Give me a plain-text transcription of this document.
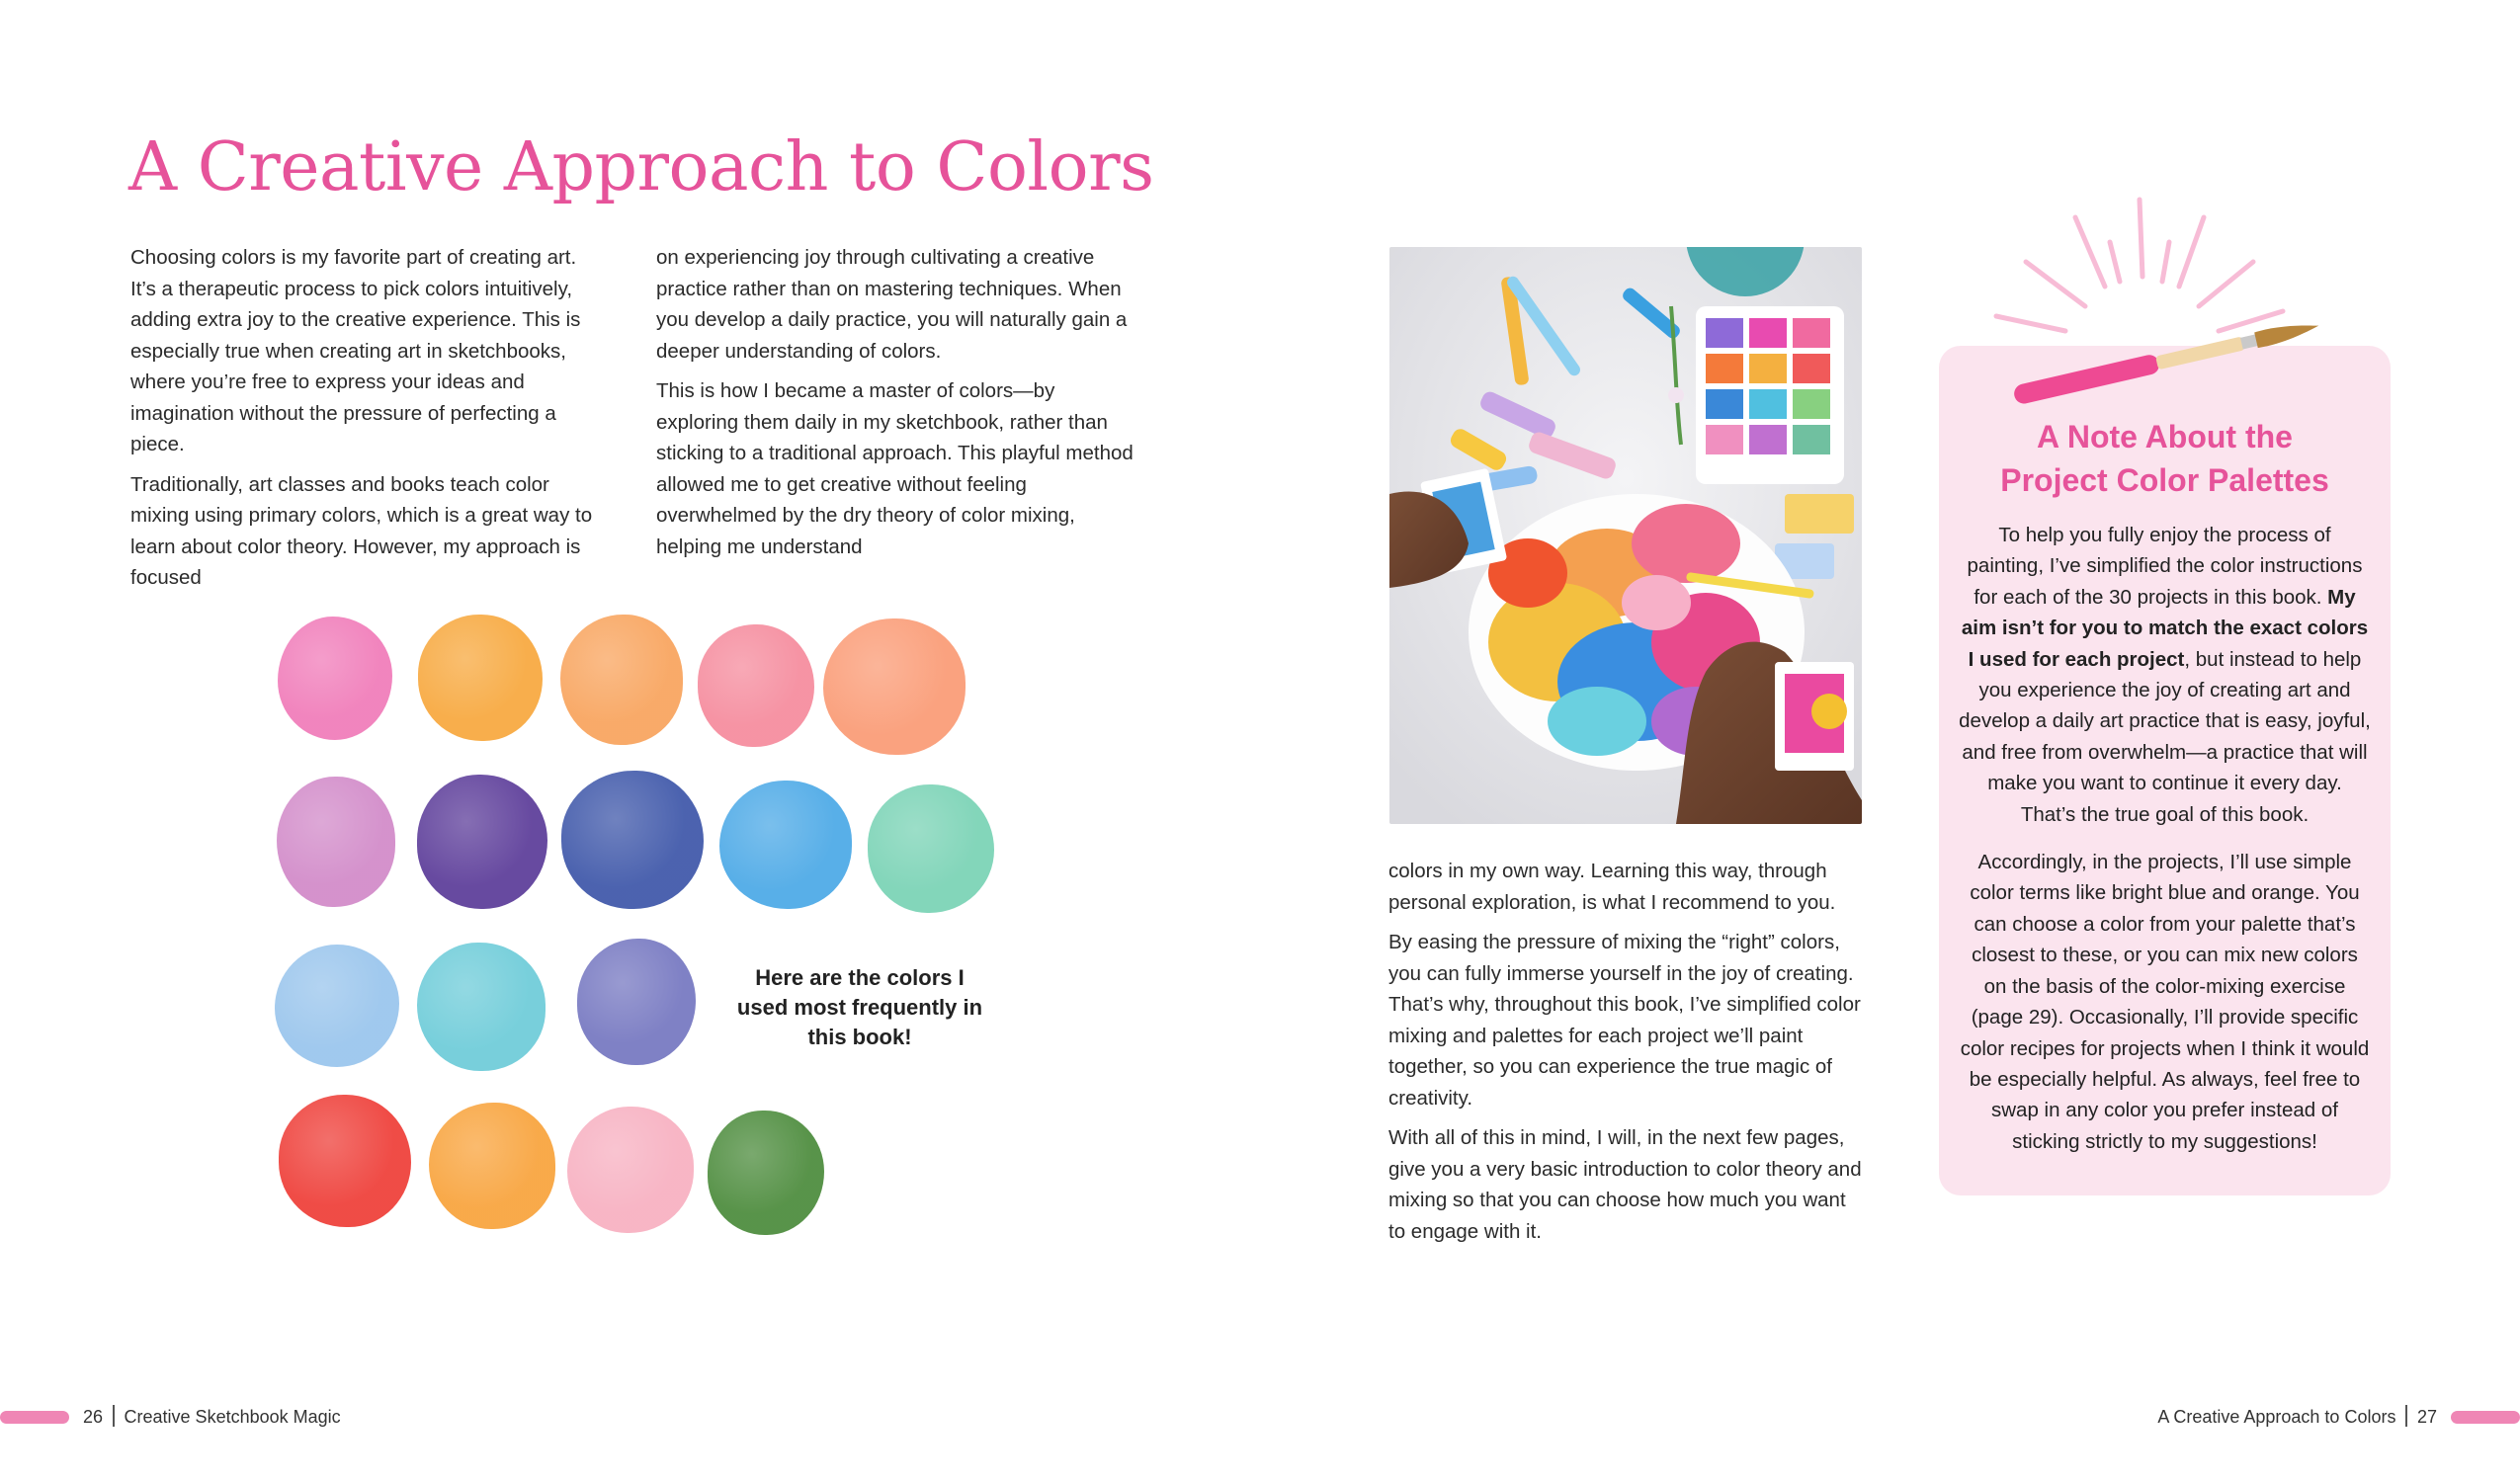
A Creative Approach to Colors

Choosing colors is my favorite part of creating art. It’s a therapeutic process to pick colors intuitively, adding extra joy to the creative experience. This is especially true when creating art in sketchbooks, where you’re free to express your ideas and imagination without the pressure of perfecting a piece.

Traditionally, art classes and books teach color mixing using primary colors, which is a great way to learn about color theory. However, my approach is focused

on experiencing joy through cultivating a creative practice rather than on mastering techniques. When you develop a daily practice, you will naturally gain a deeper understanding of colors.

This is how I became a master of colors—by exploring them daily in my sketchbook, rather than sticking to a traditional approach. This playful method allowed me to get creative without feeling overwhelmed by the dry theory of color mixing, helping me understand

Here are the colors I used most frequently in this book!
26 Creative Sketchbook Magic

colors in my own way. Learning this way, through personal exploration, is what I recommend to you.

By easing the pressure of mixing the “right” colors, you can fully immerse yourself in the joy of creating. That’s why, throughout this book, I’ve simplified color mixing and palettes for each project we’ll paint together, so you can experience the true magic of creativity.

With all of this in mind, I will, in the next few pages, give you a very basic introduction to color theory and mixing so that you can choose how much you want to engage with it.

A Note About the
Project Color Palettes

To help you fully enjoy the process of painting, I’ve simplified the color instructions for each of the 30 projects in this book. My aim isn’t for you to match the exact colors I used for each project, but instead to help you experience the joy of creating art and develop a daily art practice that is easy, joyful, and free from overwhelm—a practice that will make you want to continue it every day. That’s the true goal of this book.

Accordingly, in the projects, I’ll use simple color terms like bright blue and orange. You can choose a color from your palette that’s closest to these, or you can mix new colors on the basis of the color-mixing exercise (page 29). Occasionally, I’ll provide specific color recipes for projects when I think it would be especially helpful. As always, feel free to swap in any color you prefer instead of sticking strictly to my suggestions!

A Creative Approach to Colors 27
